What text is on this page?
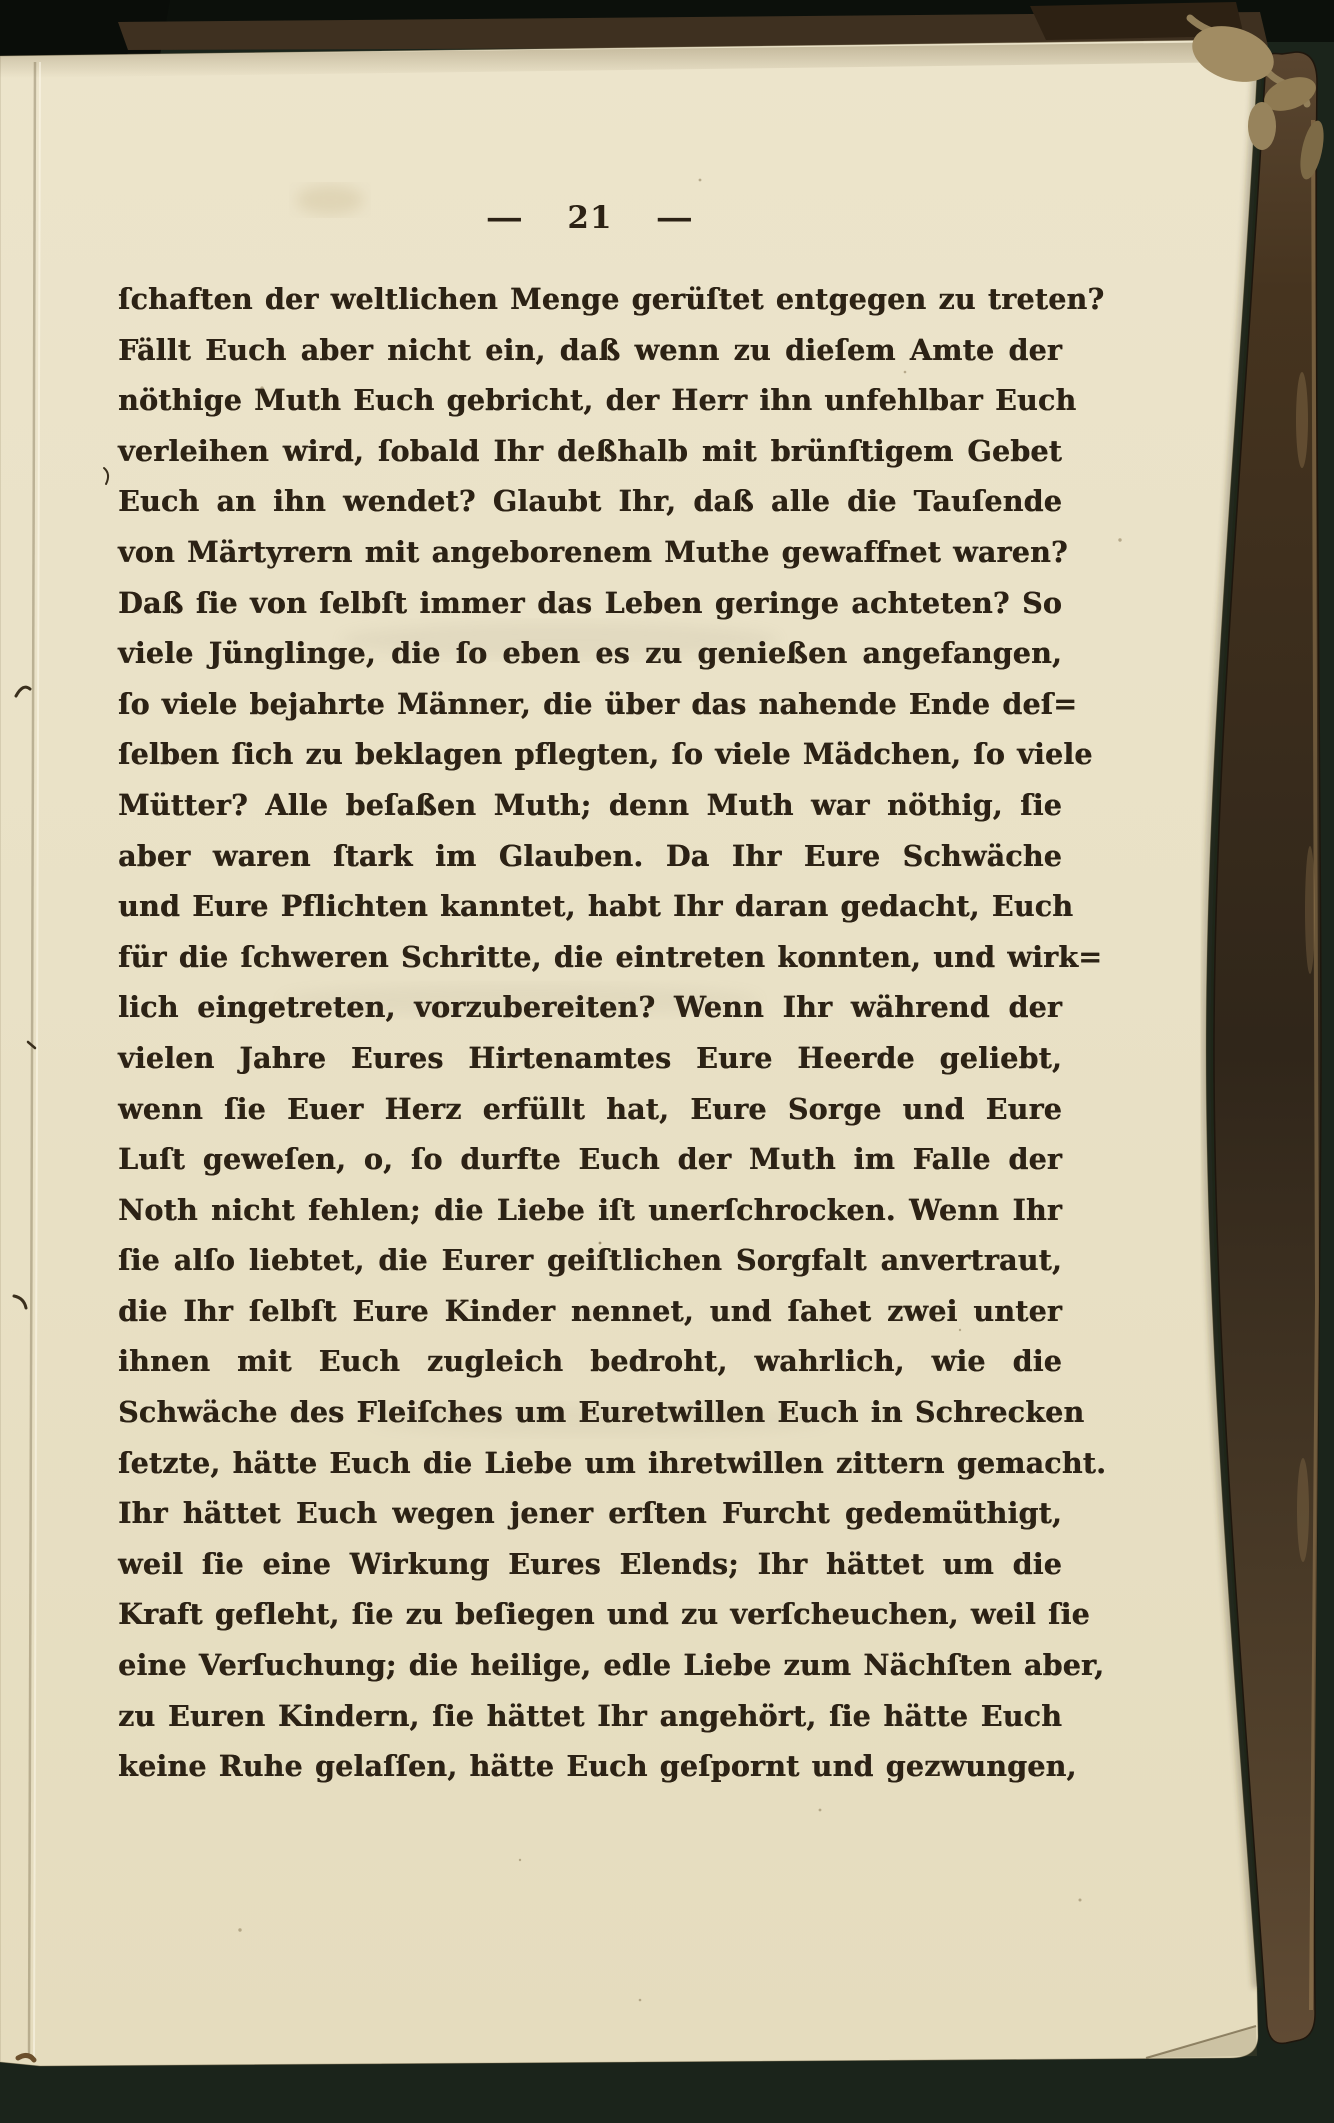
— 21 —
ſchaften der weltlichen Menge gerüſtet entgegen zu treten?
Fällt Euch aber nicht ein, daß wenn zu dieſem Amte der
nöthige Muth Euch gebricht, der Herr ihn unfehlbar Euch
verleihen wird, ſobald Ihr deßhalb mit brünſtigem Gebet
Euch an ihn wendet? Glaubt Ihr, daß alle die Tauſende
von Märtyrern mit angeborenem Muthe gewaffnet waren?
Daß ſie von ſelbſt immer das Leben geringe achteten? So
viele Jünglinge, die ſo eben es zu genießen angefangen,
ſo viele bejahrte Männer, die über das nahende Ende deſ=
ſelben ſich zu beklagen pflegten, ſo viele Mädchen, ſo viele
Mütter? Alle beſaßen Muth; denn Muth war nöthig, ſie
aber waren ſtark im Glauben. Da Ihr Eure Schwäche
und Eure Pflichten kanntet, habt Ihr daran gedacht, Euch
für die ſchweren Schritte, die eintreten konnten, und wirk=
lich eingetreten, vorzubereiten? Wenn Ihr während der
vielen Jahre Eures Hirtenamtes Eure Heerde geliebt,
wenn ſie Euer Herz erfüllt hat, Eure Sorge und Eure
Luſt geweſen, o, ſo durfte Euch der Muth im Falle der
Noth nicht fehlen; die Liebe iſt unerſchrocken. Wenn Ihr
ſie alſo liebtet, die Eurer geiſtlichen Sorgfalt anvertraut,
die Ihr ſelbſt Eure Kinder nennet, und ſahet zwei unter
ihnen mit Euch zugleich bedroht, wahrlich, wie die
Schwäche des Fleiſches um Euretwillen Euch in Schrecken
ſetzte, hätte Euch die Liebe um ihretwillen zittern gemacht.
Ihr hättet Euch wegen jener erſten Furcht gedemüthigt,
weil ſie eine Wirkung Eures Elends; Ihr hättet um die
Kraft gefleht, ſie zu beſiegen und zu verſcheuchen, weil ſie
eine Verſuchung; die heilige, edle Liebe zum Nächſten aber,
zu Euren Kindern, ſie hättet Ihr angehört, ſie hätte Euch
keine Ruhe gelaſſen, hätte Euch geſpornt und gezwungen,
